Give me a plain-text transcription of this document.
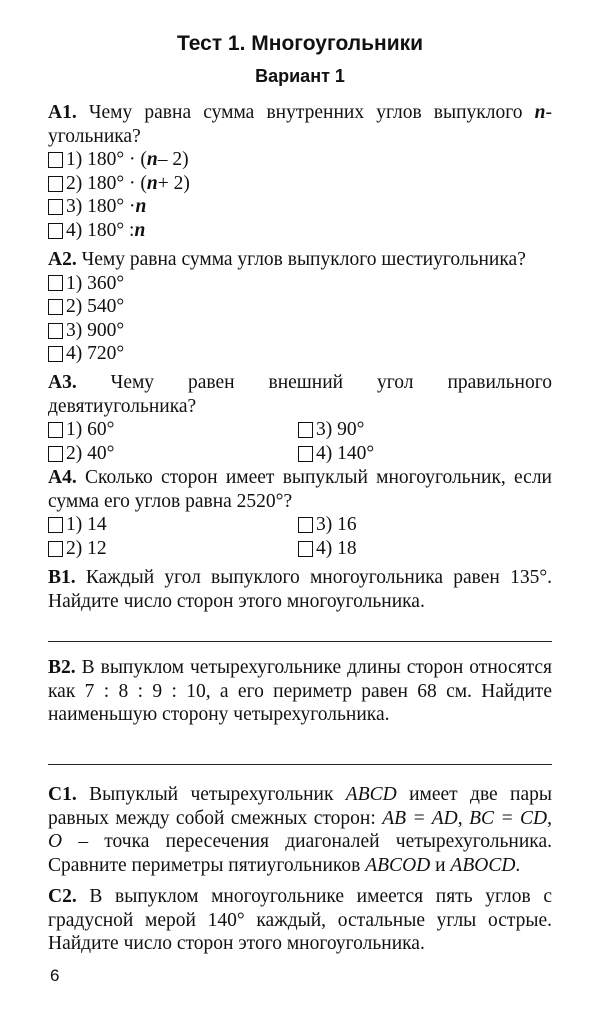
Тест 1. Многоугольники
Вариант 1
A1. Чему равна сумма внутренних углов выпуклого n-угольника?
1) 180° · ( n – 2)
2) 180° · ( n + 2)
3) 180° · n
4) 180° : n
A2. Чему равна сумма углов выпуклого шестиугольника?
1) 360°
2) 540°
3) 900°
4) 720°
A3. Чему равен внешний угол правильного девятиугольника?
1) 60°	3) 90°
2) 40°	4) 140°
A4. Сколько сторон имеет выпуклый многоугольник, если сумма его углов равна 2520°?
1) 14	3) 16
2) 12	4) 18
B1. Каждый угол выпуклого многоугольника равен 135°. Найдите число сторон этого многоугольника.
B2. В выпуклом четырехугольнике длины сторон относятся как 7 : 8 : 9 : 10, а его периметр равен 68 см. Найдите наименьшую сторону четырехугольника.
C1. Выпуклый четырехугольник ABCD имеет две пары равных между собой смежных сторон: AB = AD, BC = CD, O – точка пересечения диагоналей четырехугольника. Сравните периметры пятиугольников ABCOD и ABOCD.
C2. В выпуклом многоугольнике имеется пять углов с градусной мерой 140° каждый, остальные углы острые. Найдите число сторон этого многоугольника.
6
